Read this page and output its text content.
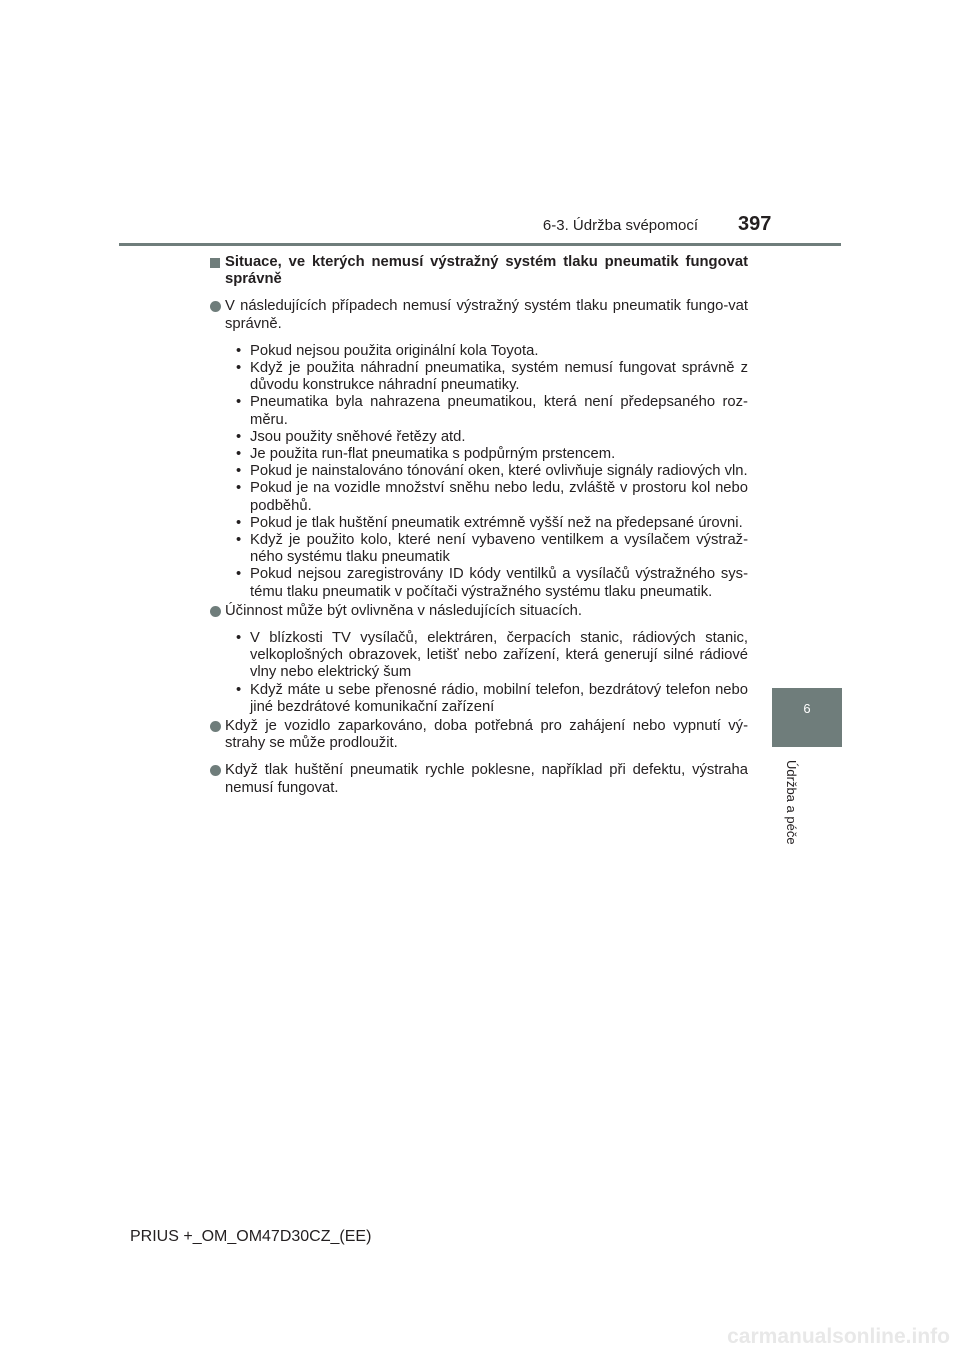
6-3. Údržba svépomocí 397
6
Údržba a péče
Situace, ve kterých nemusí výstražný systém tlaku pneumatik fungovat správně
V následujících případech nemusí výstražný systém tlaku pneumatik fungo-vat správně.
• Pokud nejsou použita originální kola Toyota.
• Když je použita náhradní pneumatika, systém nemusí fungovat správně z důvodu konstrukce náhradní pneumatiky.
• Pneumatika byla nahrazena pneumatikou, která není předepsaného roz-měru.
• Jsou použity sněhové řetězy atd.
• Je použita run-flat pneumatika s podpůrným prstencem.
• Pokud je nainstalováno tónování oken, které ovlivňuje signály radiových vln.
• Pokud je na vozidle množství sněhu nebo ledu, zvláště v prostoru kol nebo podběhů.
• Pokud je tlak huštění pneumatik extrémně vyšší než na předepsané úrovni.
• Když je použito kolo, které není vybaveno ventilkem a vysílačem výstraž-ného systému tlaku pneumatik
• Pokud nejsou zaregistrovány ID kódy ventilků a vysílačů výstražného sys-tému tlaku pneumatik v počítači výstražného systému tlaku pneumatik.
Účinnost může být ovlivněna v následujících situacích.
• V blízkosti TV vysílačů, elektráren, čerpacích stanic, rádiových stanic, velkoplošných obrazovek, letišť nebo zařízení, která generují silné rádiové vlny nebo elektrický šum
• Když máte u sebe přenosné rádio, mobilní telefon, bezdrátový telefon nebo jiné bezdrátové komunikační zařízení
Když je vozidlo zaparkováno, doba potřebná pro zahájení nebo vypnutí vý-strahy se může prodloužit.
Když tlak huštění pneumatik rychle poklesne, například při defektu, výstraha nemusí fungovat.
PRIUS +_OM_OM47D30CZ_(EE)
carmanualsonline.info
